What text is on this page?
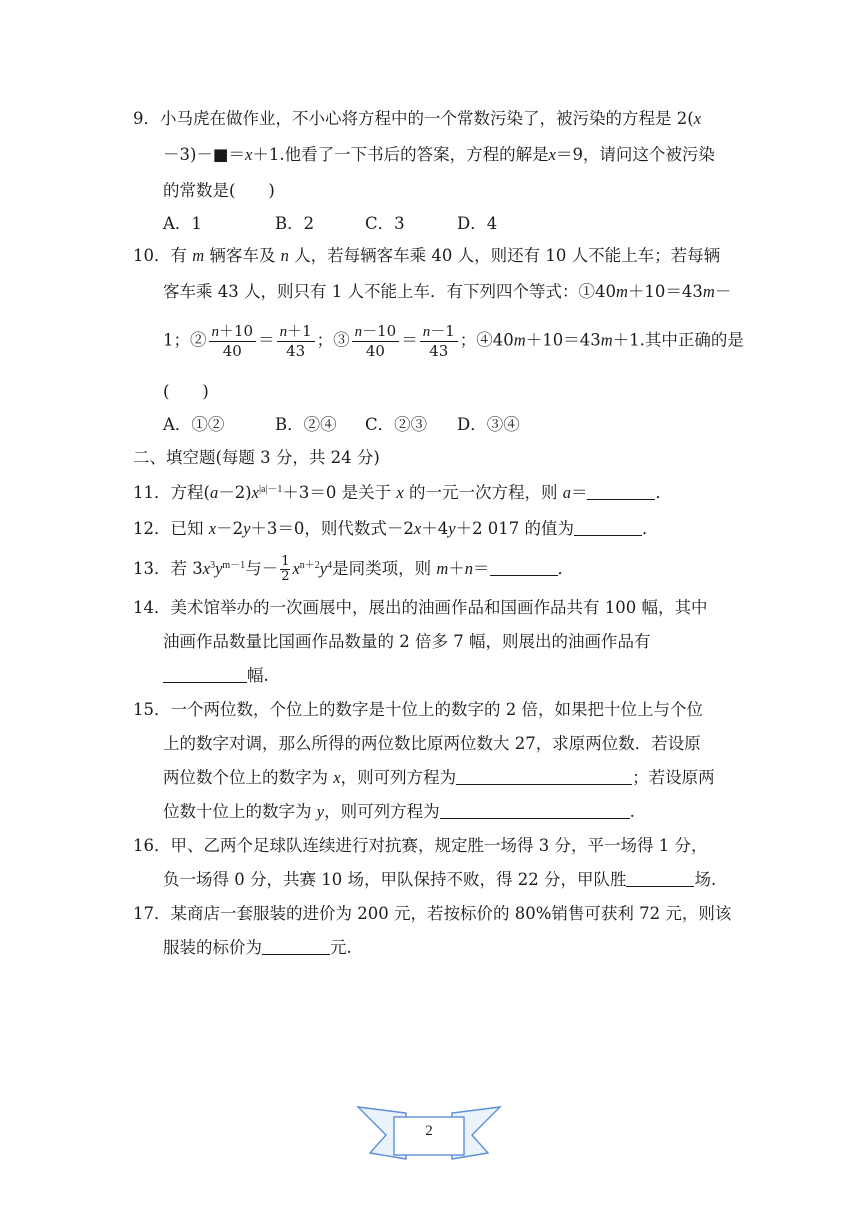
9．小马虎在做作业，不小心将方程中的一个常数污染了，被污染的方程是 2(x
－3)－■＝x＋1.他看了一下书后的答案，方程的解是x＝9，请问这个被污染
的常数是(　　)
A．1	B．2	C．3	D．4
10．有 m 辆客车及 n 人，若每辆客车乘 40 人，则还有 10 人不能上车；若每辆
客车乘 43 人，则只有 1 人不能上车．有下列四个等式：①40m＋10＝43m－
1；② $\frac{n+10}{40} = \frac{n+1}{43}$ ；③ $\frac{n-10}{40} = \frac{n-1}{43}$ ；④40m＋10＝43m＋1.其中正确的是
(　　)
A．①②	B．②④ C．②③ D．③④
二、填空题(每题 3 分，共 24 分)
11．方程$(a-2)x^{|a|-1}+3=0$ 是关于 x 的一元一次方程，则 a＝	．
12．已知 x－2y＋3＝0，则代数式－2x＋4y＋2 017 的值为	．
13．若 $3x^3y^{m-1}$与－ $\frac{1}{2} x^{n+2}y^4$是同类项，则 m＋n＝	．
14．美术馆举办的一次画展中，展出的油画作品和国画作品共有 100 幅，其中
油画作品数量比国画作品数量的 2 倍多 7 幅，则展出的油画作品有
幅.
15．一个两位数，个位上的数字是十位上的数字的 2 倍，如果把十位上与个位
上的数字对调，那么所得的两位数比原两位数大 27，求原两位数．若设原
两位数个位上的数字为 x，则可列方程为	；若设原两
位数十位上的数字为 y，则可列方程为	.
16．甲、乙两个足球队连续进行对抗赛，规定胜一场得 3 分，平一场得 1 分，
负一场得 0 分，共赛 10 场，甲队保持不败，得 22 分，甲队胜	场.
17．某商店一套服装的进价为 200 元，若按标价的 80%销售可获利 72 元，则该
服装的标价为	元.
2
